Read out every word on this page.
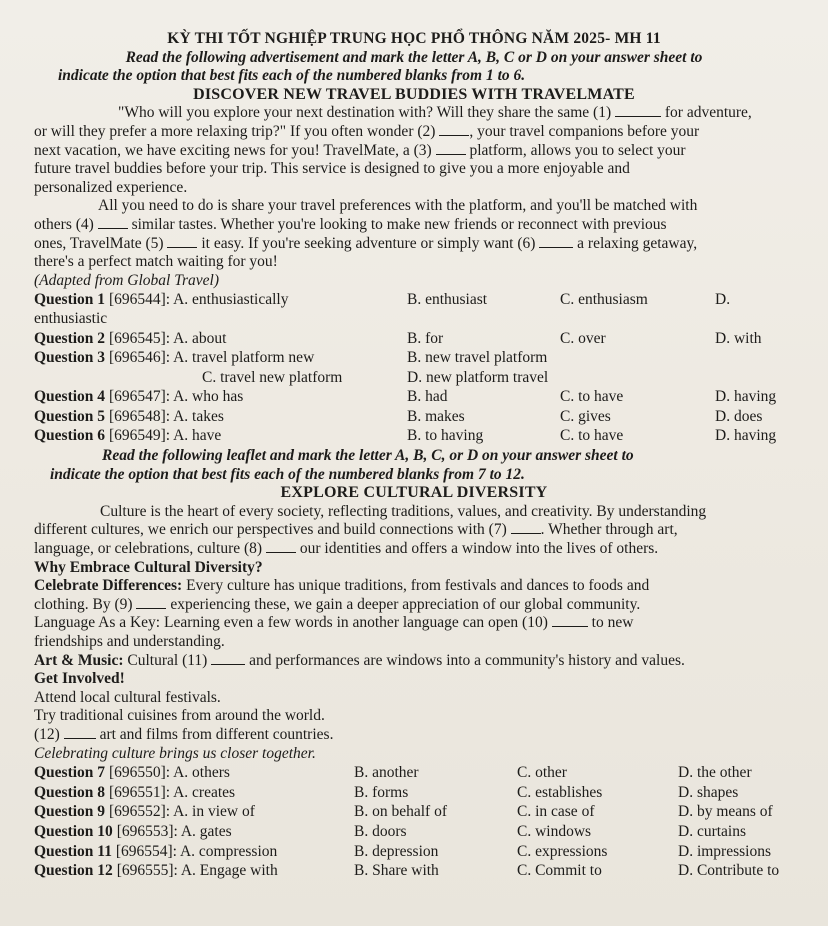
KỲ THI TỐT NGHIỆP TRUNG HỌC PHỔ THÔNG NĂM 2025- MH 11
Read the following advertisement and mark the letter A, B, C or D on your answer sheet to
indicate the option that best fits each of the numbered blanks from 1 to 6.
DISCOVER NEW TRAVEL BUDDIES WITH TRAVELMATE
"Who will you explore your next destination with? Will they share the same (1)	for adventure,
or will they prefer a more relaxing trip?" If you often wonder (2) , your travel companions before your
next vacation, we have exciting news for you! TravelMate, a (3)  platform, allows you to select your
future travel buddies before your trip. This service is designed to give you a more enjoyable and
personalized experience.
All you need to do is share your travel preferences with the platform, and you'll be matched with
others (4)  similar tastes. Whether you're looking to make new friends or reconnect with previous
ones, TravelMate (5)  it easy. If you're seeking adventure or simply want (6)  a relaxing getaway,
there's a perfect match waiting for you!
(Adapted from Global Travel)
Question 1 [696544]: A. enthusiastically	B. enthusiast	C. enthusiasm	D.
enthusiastic
Question 2 [696545]: A. about	B. for	C. over	D. with
Question 3 [696546]: A. travel platform new	B. new travel platform
C. travel new platform	D. new platform travel
Question 4 [696547]: A. who has	B. had	C. to have	D. having
Question 5 [696548]: A. takes	B. makes	C. gives	D. does
Question 6 [696549]: A. have	B. to having	C. to have	D. having
Read the following leaflet and mark the letter A, B, C, or D on your answer sheet to
indicate the option that best fits each of the numbered blanks from 7 to 12.
EXPLORE CULTURAL DIVERSITY
Culture is the heart of every society, reflecting traditions, values, and creativity. By understanding
different cultures, we enrich our perspectives and build connections with (7) . Whether through art,
language, or celebrations, culture (8)  our identities and offers a window into the lives of others.
Why Embrace Cultural Diversity?
Celebrate Differences: Every culture has unique traditions, from festivals and dances to foods and
clothing. By (9)  experiencing these, we gain a deeper appreciation of our global community.
Language As a Key: Learning even a few words in another language can open (10)  to new
friendships and understanding.
Art & Music: Cultural (11)  and performances are windows into a community's history and values.
Get Involved!
Attend local cultural festivals.
Try traditional cuisines from around the world.
(12)  art and films from different countries.
Celebrating culture brings us closer together.
Question 7 [696550]: A. others	B. another	C. other	D. the other
Question 8 [696551]: A. creates	B. forms	C. establishes	D. shapes
Question 9 [696552]: A. in view of	B. on behalf of	C. in case of	D. by means of
Question 10 [696553]: A. gates	B. doors	C. windows	D. curtains
Question 11 [696554]: A. compression	B. depression	C. expressions	D. impressions
Question 12 [696555]: A. Engage with	B. Share with	C. Commit to	D. Contribute to
